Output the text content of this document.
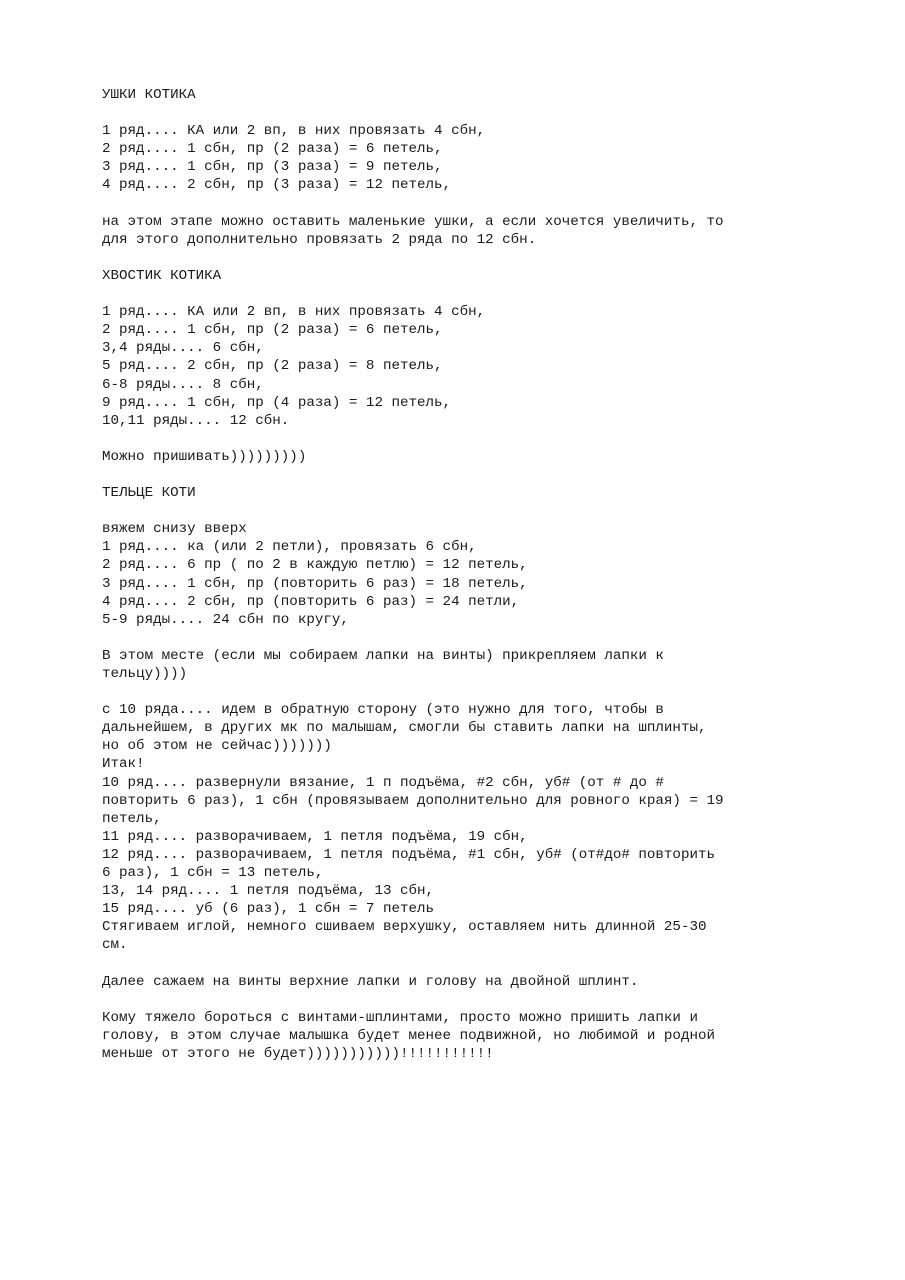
УШКИ КОТИКА
1 ряд.... КА или 2 вп, в них провязать 4 сбн,
2 ряд.... 1 сбн, пр (2 раза) = 6 петель,
3 ряд.... 1 сбн, пр (3 раза) = 9 петель,
4 ряд.... 2 сбн, пр (3 раза) = 12 петель,
на этом этапе можно оставить маленькие ушки, а если хочется увеличить, то
для этого дополнительно провязать 2 ряда по 12 сбн.
ХВОСТИК КОТИКА
1 ряд.... КА или 2 вп, в них провязать 4 сбн,
2 ряд.... 1 сбн, пр (2 раза) = 6 петель,
3,4 ряды.... 6 сбн,
5 ряд.... 2 сбн, пр (2 раза) = 8 петель,
6-8 ряды.... 8 сбн,
9 ряд.... 1 сбн, пр (4 раза) = 12 петель,
10,11 ряды.... 12 сбн.
Можно пришивать)))))))))
ТЕЛЬЦЕ КОТИ
вяжем снизу вверх
1 ряд.... ка (или 2 петли), провязать 6 сбн,
2 ряд.... 6 пр ( по 2 в каждую петлю) = 12 петель,
3 ряд.... 1 сбн, пр (повторить 6 раз) = 18 петель,
4 ряд.... 2 сбн, пр (повторить 6 раз) = 24 петли,
5-9 ряды.... 24 сбн по кругу,
В этом месте (если мы собираем лапки на винты) прикрепляем лапки к
тельцу))))
с 10 ряда.... идем в обратную сторону (это нужно для того, чтобы в
дальнейшем, в других мк по малышам, смогли бы ставить лапки на шплинты,
но об этом не сейчас)))))))
Итак!
10 ряд.... развернули вязание, 1 п подъёма, #2 сбн, уб# (от # до #
повторить 6 раз), 1 сбн (провязываем дополнительно для ровного края) = 19
петель,
11 ряд.... разворачиваем, 1 петля подъёма, 19 сбн,
12 ряд.... разворачиваем, 1 петля подъёма, #1 сбн, уб# (от#до# повторить
6 раз), 1 сбн = 13 петель,
13, 14 ряд.... 1 петля подъёма, 13 сбн,
15 ряд.... уб (6 раз), 1 сбн = 7 петель
Стягиваем иглой, немного сшиваем верхушку, оставляем нить длинной 25-30
см.
Далее сажаем на винты верхние лапки и голову на двойной шплинт.
Кому тяжело бороться с винтами-шплинтами, просто можно пришить лапки и
голову, в этом случае малышка будет менее подвижной, но любимой и родной
меньше от этого не будет)))))))))))!!!!!!!!!!!
